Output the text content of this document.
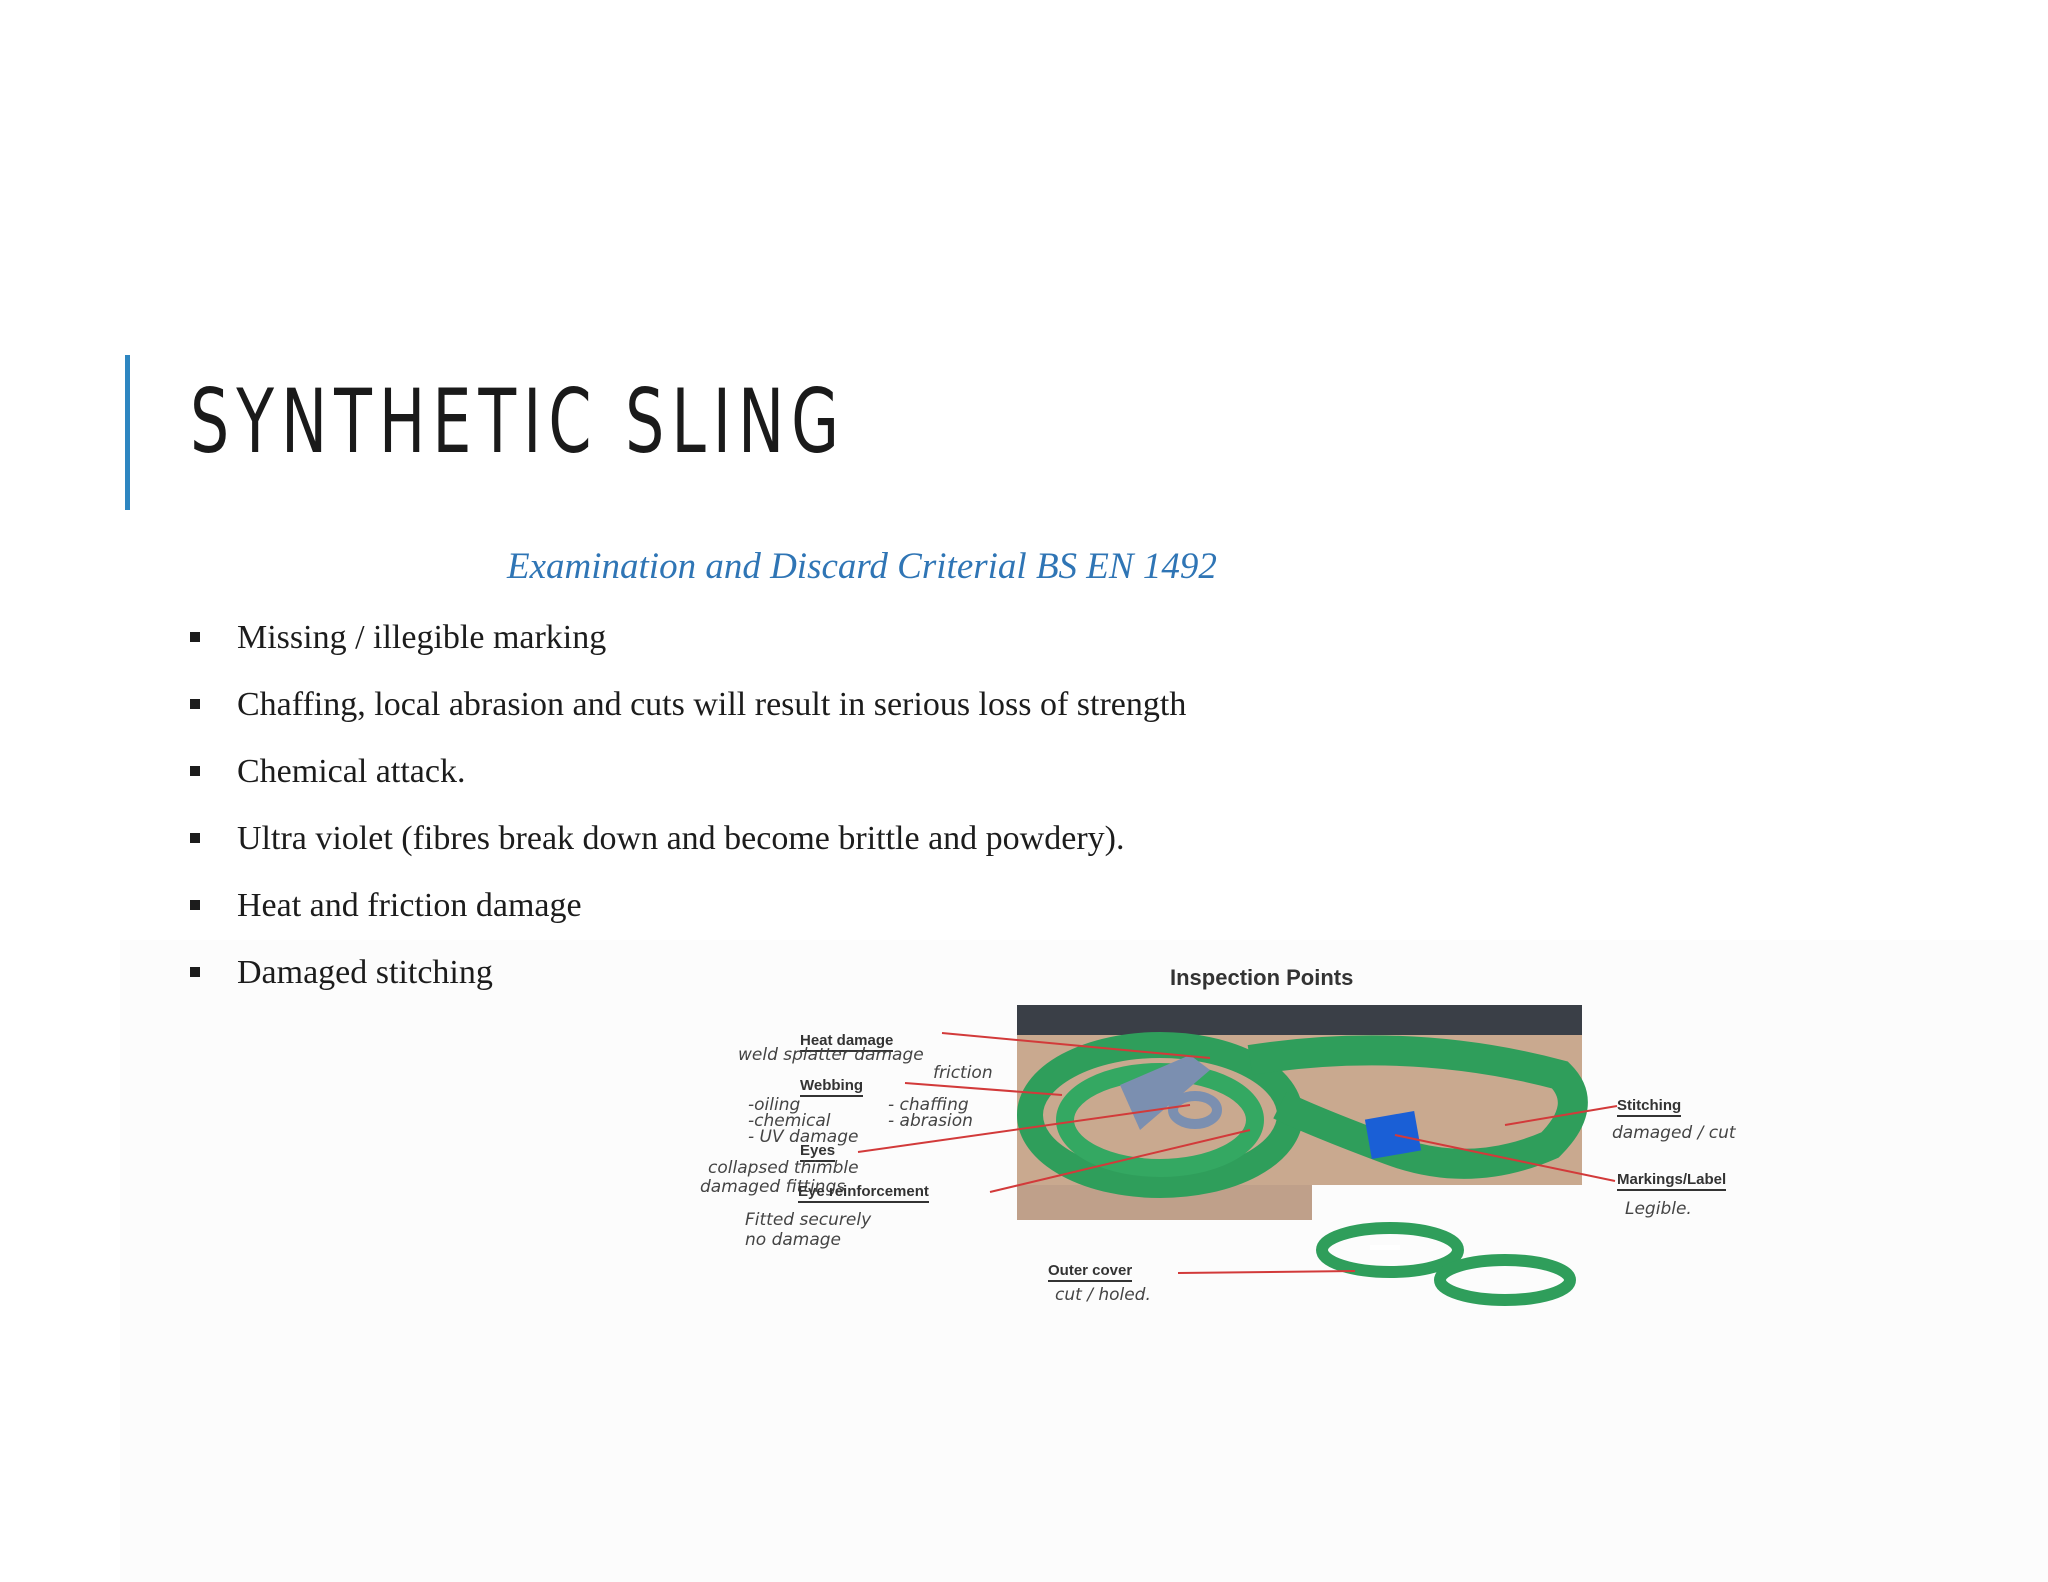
SYNTHETIC SLING
Examination and Discard Criterial BS EN 1492
Missing / illegible marking
Chaffing, local abrasion and cuts will result in serious loss of strength
Chemical attack.
Ultra violet (fibres break down and become brittle and powdery).
Heat and friction damage
Damaged stitching	Inspection Points
Heat damage
weld splatter damage
friction
Webbing
-oiling	- chaffing
-chemical	- abrasion
- UV damage
Eyes
collapsed thimble
damaged fittings
Eye reinforcement
Fitted securely
no damage
Stitching
damaged / cut
Markings/Label
Legible.
Outer cover
cut / holed.
